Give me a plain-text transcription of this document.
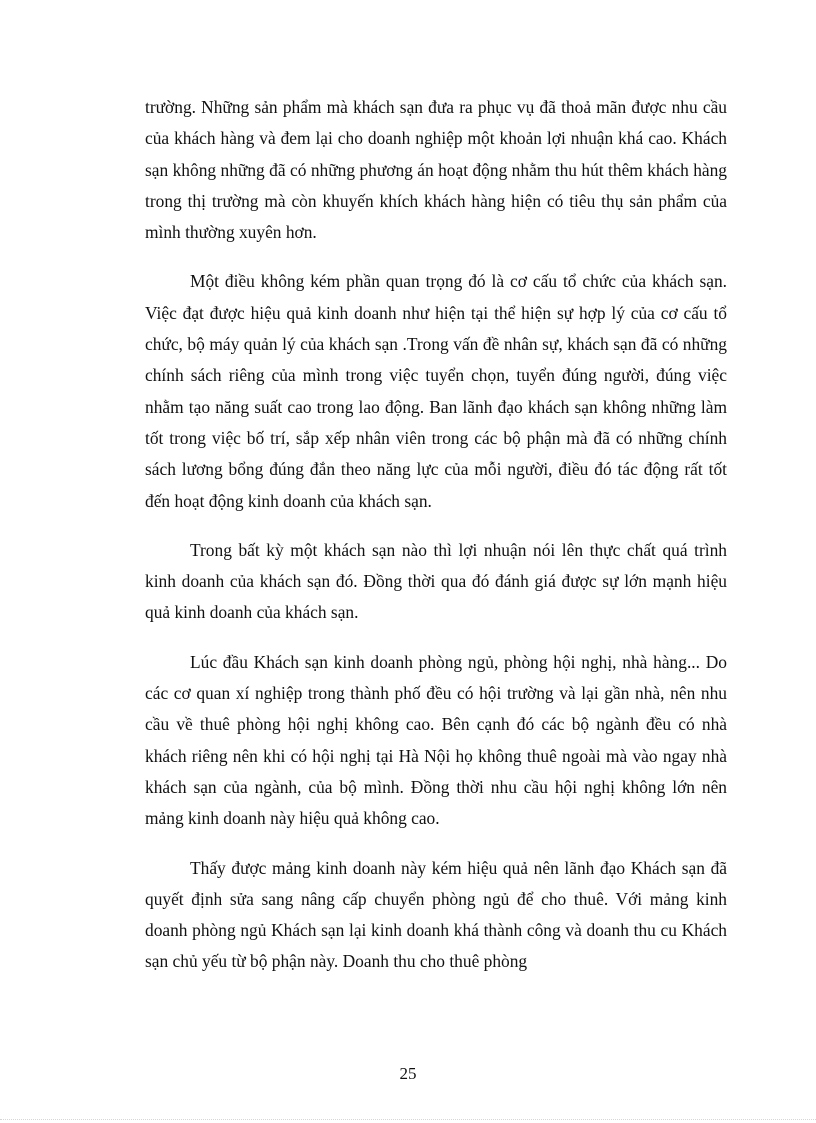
trường. Những sản phẩm mà khách sạn đưa ra phục vụ đã thoả mãn được nhu cầu của khách hàng và đem lại cho doanh nghiệp một khoản lợi nhuận khá cao. Khách sạn không những đã có những phương án hoạt động nhằm thu hút thêm khách hàng trong thị trường mà còn khuyến khích khách hàng hiện có tiêu thụ sản phẩm của mình thường xuyên hơn.

Một điều không kém phần quan trọng đó là cơ cấu tổ chức của khách sạn. Việc đạt được hiệu quả kinh doanh như hiện tại thể hiện sự hợp lý của cơ cấu tổ chức, bộ máy quản lý của khách sạn .Trong vấn đề nhân sự, khách sạn đã có những chính sách riêng của mình trong việc tuyển chọn, tuyển đúng người, đúng việc nhằm tạo năng suất cao trong lao động. Ban lãnh đạo khách sạn không những làm tốt trong việc bố trí, sắp xếp nhân viên trong các bộ phận mà đã có những chính sách lương bổng đúng đắn theo năng lực của mỗi người, điều đó tác động rất tốt đến hoạt động kinh doanh của khách sạn.

Trong bất kỳ một khách sạn nào thì lợi nhuận nói lên thực chất quá trình kinh doanh của khách sạn đó. Đồng thời qua đó đánh giá được sự lớn mạnh hiệu quả kinh doanh của khách sạn.

Lúc đầu Khách sạn kinh doanh phòng ngủ, phòng hội nghị, nhà hàng... Do các cơ quan xí nghiệp trong thành phố đều có hội trường và lại gần nhà, nên nhu cầu về thuê phòng hội nghị không cao. Bên cạnh đó các bộ ngành đều có nhà khách riêng nên khi có hội nghị tại Hà Nội họ không thuê ngoài mà vào ngay nhà khách sạn của ngành, của bộ mình. Đồng thời nhu cầu hội nghị không lớn nên mảng kinh doanh này hiệu quả không cao.

Thấy được mảng kinh doanh này kém hiệu quả nên lãnh đạo Khách sạn đã quyết định sửa sang nâng cấp chuyển phòng ngủ để cho thuê. Với mảng kinh doanh phòng ngủ Khách sạn lại kinh doanh khá thành công và doanh thu cu Khách sạn chủ yếu từ bộ phận này. Doanh thu cho thuê phòng

25
